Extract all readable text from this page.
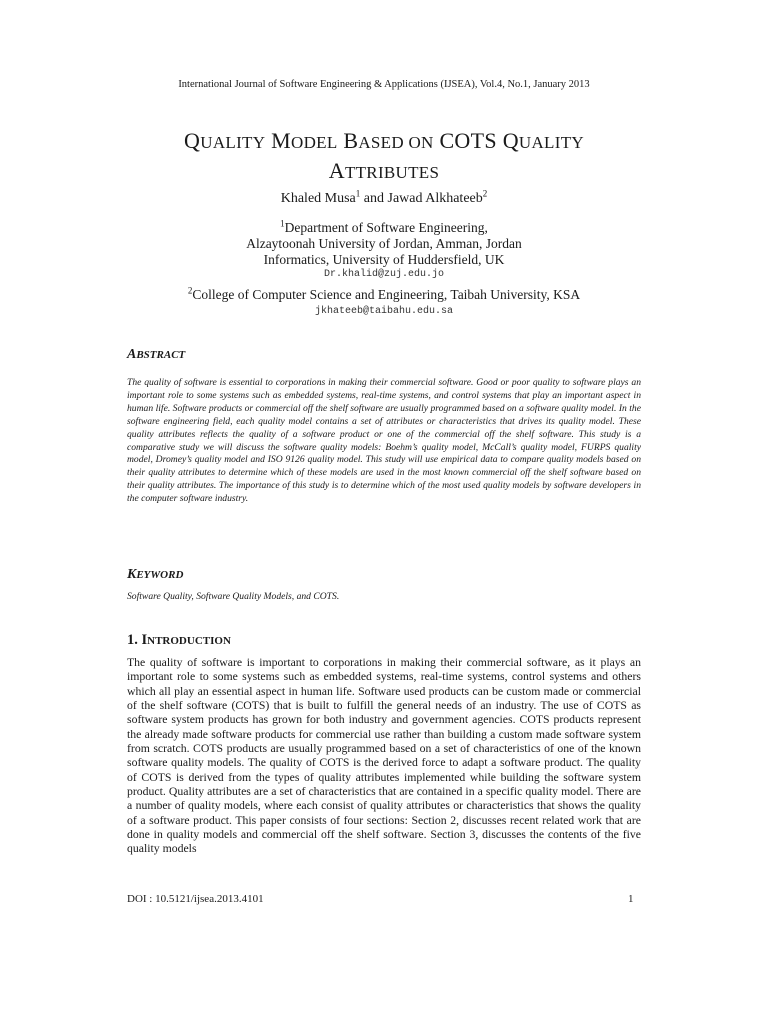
International Journal of Software Engineering & Applications (IJSEA), Vol.4, No.1, January 2013
QUALITY MODEL BASED ON COTS QUALITY
ATTRIBUTES
Khaled Musa$^1$ and Jawad Alkhateeb$^2$
$^1$Department of Software Engineering,
Alzaytoonah University of Jordan, Amman, Jordan
Informatics, University of Huddersfield, UK
Dr.khalid@zuj.edu.jo
$^2$College of Computer Science and Engineering, Taibah University, KSA
jkhateeb@taibahu.edu.sa
ABSTRACT
The quality of software is essential to corporations in making their commercial software. Good or poor quality to software plays an important role to some systems such as embedded systems, real-time systems, and control systems that play an important aspect in human life. Software products or commercial off the shelf software are usually programmed based on a software quality model. In the software engineering field, each quality model contains a set of attributes or characteristics that drives its quality model. These quality attributes reflects the quality of a software product or one of the commercial off the shelf software. This study is a comparative study we will discuss the software quality models: Boehm’s quality model, McCall’s quality model, FURPS quality model, Dromey’s quality model and ISO 9126 quality model. This study will use empirical data to compare quality models based on their quality attributes to determine which of these models are used in the most known commercial off the shelf software based on their quality attributes. The importance of this study is to determine which of the most used quality models by software developers in the computer software industry.
KEYWORD
Software Quality, Software Quality Models, and COTS.
1. INTRODUCTION
The quality of software is important to corporations in making their commercial software, as it plays an important role to some systems such as embedded systems, real-time systems, control systems and others which all play an essential aspect in human life. Software used products can be custom made or commercial of the shelf software (COTS) that is built to fulfill the general needs of an industry. The use of COTS as software system products has grown for both industry and government agencies. COTS products represent the already made software products for commercial use rather than building a custom made software system from scratch. COTS products are usually programmed based on a set of characteristics of one of the known software quality models. The quality of COTS is the derived force to adapt a software product. The quality of COTS is derived from the types of quality attributes implemented while building the software system product. Quality attributes are a set of characteristics that are contained in a specific quality model. There are a number of quality models, where each consist of quality attributes or characteristics that shows the quality of a software product. This paper consists of four sections: Section 2, discusses recent related work that are done in quality models and commercial off the shelf software. Section 3, discusses the contents of the five quality models
DOI : 10.5121/ijsea.2013.4101	1
